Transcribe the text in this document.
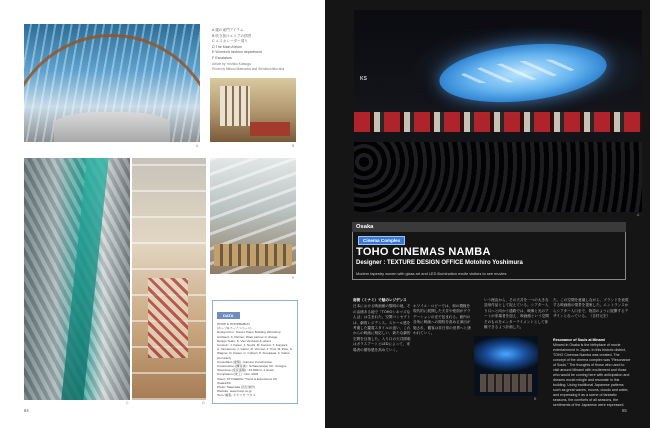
A	B
C	D
E
A 週の東門アイテム
B 吹き抜けエリアの情景
C エスカレーター周り
D The Main Atrium
E Women's fashion department
F Escalators
Article by Yoshiko Katsuga
Photo by Mitsuo Matsuoka and Shinkenchiku-sha
DATA
HOOP & HOOPBABUN
(ホープ&フープバベーン)
Design Firm : Renzo Piano Building Workshop
Architect: A. Palmer; Work partner in charge
Design Team: K. Van Vindurek & others
Consult.: J. Kaiser, J. Nouhl, M. Forrest, T. Kungani;
A. Yamamoto, J. Carter, D. Vercoel, J. Truit, M. Pirie, S.
Wagner, D. Kaiser, C. Colhert, P. Furukawa, F. Viellur
(Contract)
Consultant (建築) : Kaimon Construction
Construction (構造体) : Schatenpaper KK, Cologne
Total Area (延床面積) : 23,000m², 4 levels
Completion (竣工) : Nov. 2003
Client: STYLEERA / Trend & Experience KK
Osaka/KK
Photo: Takenaka (宣伝制作)
Website: www.hoop.co.jp
Text / 編集: オオツカ ワタル
64
KS
A
Osaka
Cinema Complex
TOHO CINEMAS NAMBA
Designer : TEXTURE DESIGN OFFICE Motohiro Yoshimura
Modern tapestry woven with glass art and LED illumination excite visitors to see movies
南街（ミナミ）で魅のレジデンス
日本における映画館の黎明の地、その由緒ある地で「TOHOシネマズなんば」は生まれた。空間コンセプトは、劇的レジデンス。スケール感を考慮した鑑賞スタイルの追い、これからの映画に相応しい、新たな劇的空間を目指した。入り口の天井照明はガラスアートとLEDによって、来場者の期待感を高めていく。
ホワイエ・ロビーでは、和の模様を現代的に展開した天井や壁面がグラデーションの光で包まれる。館内の各所に映画への期待を高める演出が施され、観客は非日常の世界へと誘われていく。
いう理由から、その天井を一つの大きな造形作品として捉えている。シアター入り口へと向かう通路では、映像と光のアートが来場者を迎え、映画館という空間そのものをエンターテイメントとして体験できるよう計画した。
た。この空間を意識しながら、ブランドを表現する映画館の情景を提案した。エントランスからシアター入口まで、物語のように展開するデザインとなっている。（吉村元宏）
B
Resonance of Souls at Minami
Minami in Osaka is the birthplace of movie entertainment in Japan. In this historic district, TOHO Cinemas Namba was created. The concept of the cinema complex was "Resonance of Souls." The thoughts of those who used to visit around Minami with excitement and those who would be coming here with anticipation and dreams would mingle and resonate in this building. Using traditional Japanese patterns such as great waves, moons, clouds and water, and expressing it as a scene of fantastic seasons, the comforts of all seasons, the sentiments of the Japanese were expressed.
65
